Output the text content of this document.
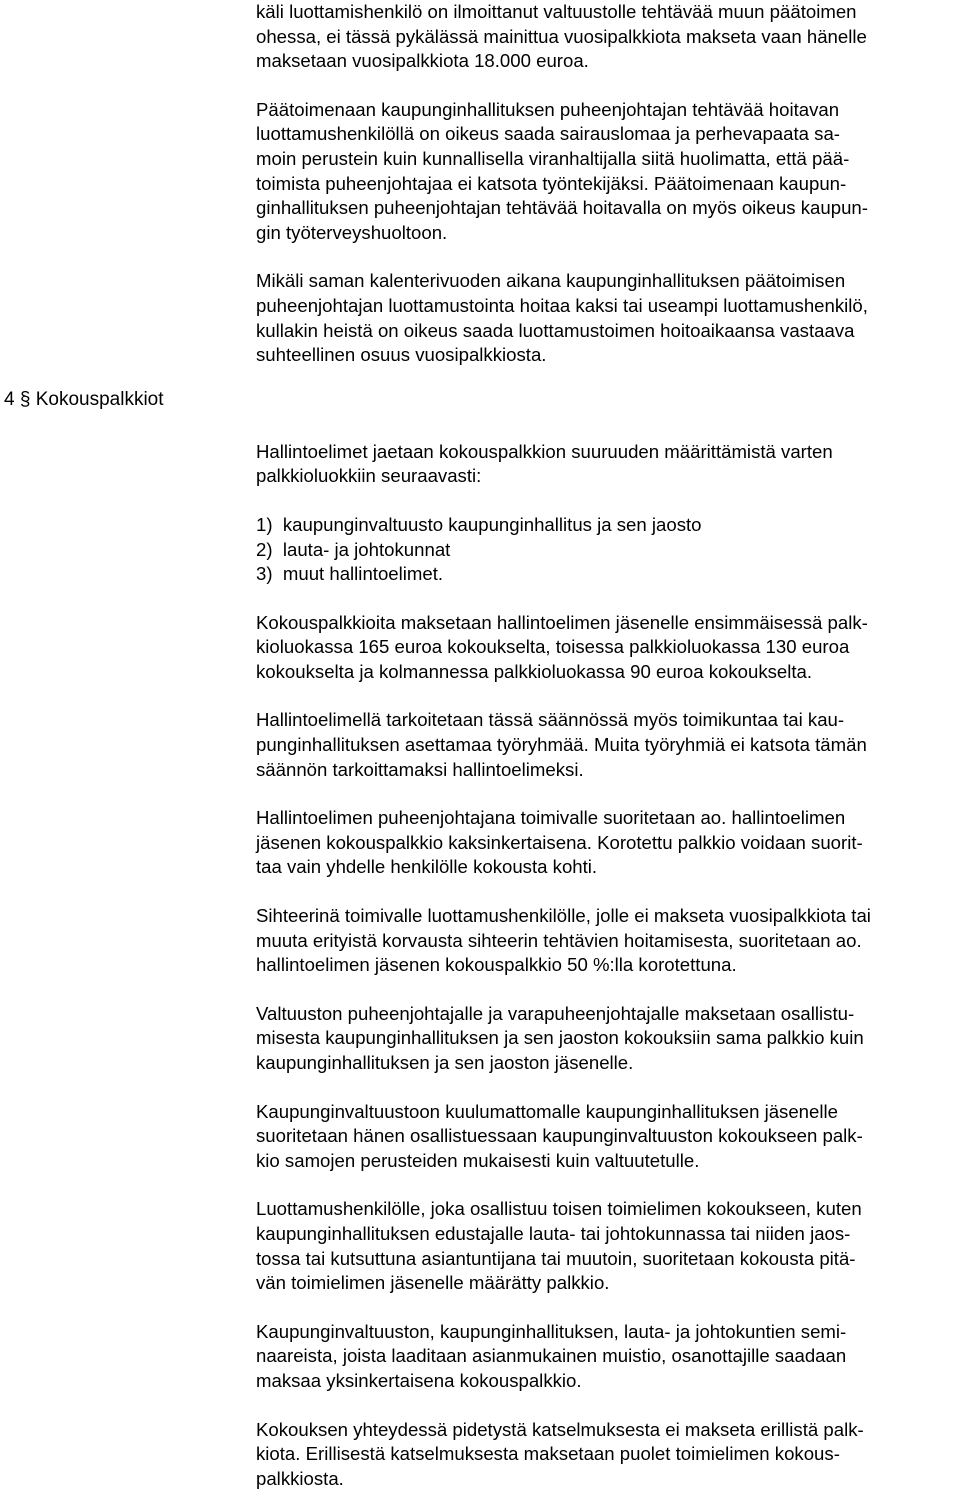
4 § Kokouspalkkiot
käli luottamishenkilö on ilmoittanut valtuustolle tehtävää muun päätoimen
ohessa, ei tässä pykälässä mainittua vuosipalkkiota makseta vaan hänelle
maksetaan vuosipalkkiota 18.000 euroa.
Päätoimenaan kaupunginhallituksen puheenjohtajan tehtävää hoitavan
luottamushenkilöllä on oikeus saada sairauslomaa ja perhevapaata sa-
moin perustein kuin kunnallisella viranhaltijalla siitä huolimatta, että pää-
toimista puheenjohtajaa ei katsota työntekijäksi. Päätoimenaan kaupun-
ginhallituksen puheenjohtajan tehtävää hoitavalla on myös oikeus kaupun-
gin työterveyshuoltoon.
Mikäli saman kalenterivuoden aikana kaupunginhallituksen päätoimisen
puheenjohtajan luottamustointa hoitaa kaksi tai useampi luottamushenkilö,
kullakin heistä on oikeus saada luottamustoimen hoitoaikaansa vastaava
suhteellinen osuus vuosipalkkiosta.
Hallintoelimet jaetaan kokouspalkkion suuruuden määrittämistä varten
palkkioluokkiin seuraavasti:
1)  kaupunginvaltuusto kaupunginhallitus ja sen jaosto
2)  lauta- ja johtokunnat
3)  muut hallintoelimet.
Kokouspalkkioita maksetaan hallintoelimen jäsenelle ensimmäisessä palk-
kioluokassa 165 euroa kokoukselta, toisessa palkkioluokassa 130 euroa
kokoukselta ja kolmannessa palkkioluokassa 90 euroa kokoukselta.
Hallintoelimellä tarkoitetaan tässä säännössä myös toimikuntaa tai kau-
punginhallituksen asettamaa työryhmää. Muita työryhmiä ei katsota tämän
säännön tarkoittamaksi hallintoelimeksi.
Hallintoelimen puheenjohtajana toimivalle suoritetaan ao. hallintoelimen
jäsenen kokouspalkkio kaksinkertaisena. Korotettu palkkio voidaan suorit-
taa vain yhdelle henkilölle kokousta kohti.
Sihteerinä toimivalle luottamushenkilölle, jolle ei makseta vuosipalkkiota tai
muuta erityistä korvausta sihteerin tehtävien hoitamisesta, suoritetaan ao.
hallintoelimen jäsenen kokouspalkkio 50 %:lla korotettuna.
Valtuuston puheenjohtajalle ja varapuheenjohtajalle maksetaan osallistu-
misesta kaupunginhallituksen ja sen jaoston kokouksiin sama palkkio kuin
kaupunginhallituksen ja sen jaoston jäsenelle.
Kaupunginvaltuustoon kuulumattomalle kaupunginhallituksen jäsenelle
suoritetaan hänen osallistuessaan kaupunginvaltuuston kokoukseen palk-
kio samojen perusteiden mukaisesti kuin valtuutetulle.
Luottamushenkilölle, joka osallistuu toisen toimielimen kokoukseen, kuten
kaupunginhallituksen edustajalle lauta- tai johtokunnassa tai niiden jaos-
tossa tai kutsuttuna asiantuntijana tai muutoin, suoritetaan kokousta pitä-
vän toimielimen jäsenelle määrätty palkkio.
Kaupunginvaltuuston, kaupunginhallituksen, lauta- ja johtokuntien semi-
naareista, joista laaditaan asianmukainen muistio, osanottajille saadaan
maksaa yksinkertaisena kokouspalkkio.
Kokouksen yhteydessä pidetystä katselmuksesta ei makseta erillistä palk-
kiota. Erillisestä katselmuksesta maksetaan puolet toimielimen kokous-
palkkiosta.
